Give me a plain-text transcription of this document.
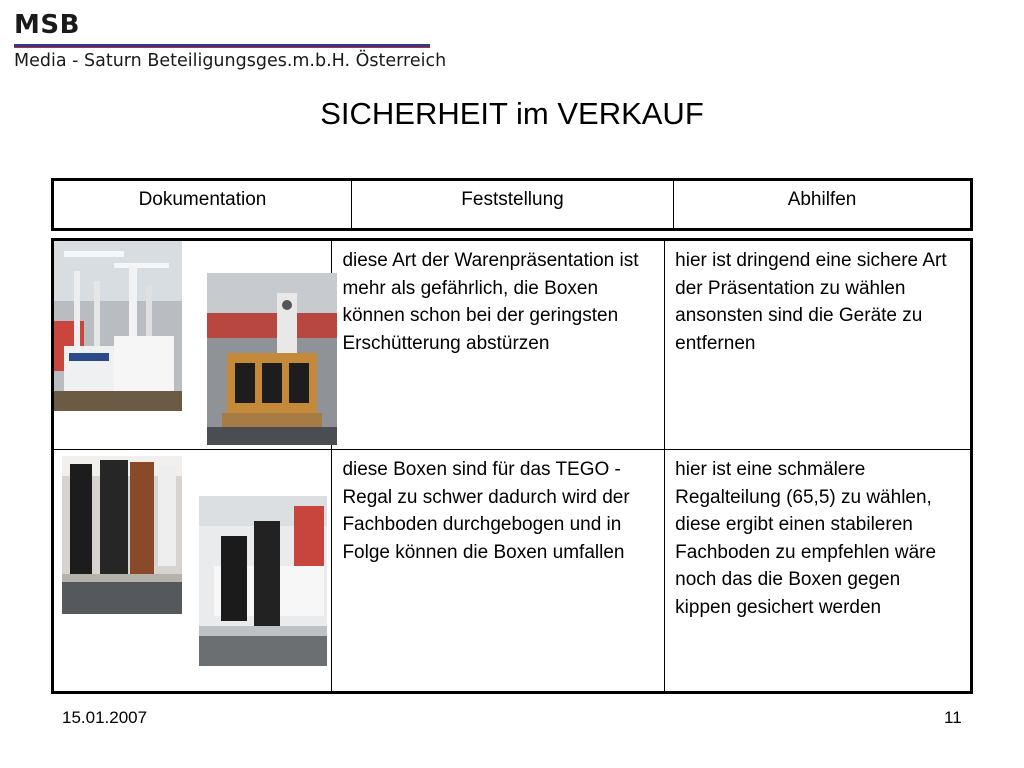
MSB
Media - Saturn Beteiligungsges.m.b.H. Österreich
SICHERHEIT im VERKAUF
Dokumentation	Feststellung	Abhilfen
	diese Art der Warenpräsentation ist mehr als gefährlich, die Boxen können schon bei der geringsten Erschütterung abstürzen	hier ist dringend eine sichere Art der Präsentation zu wählen ansonsten sind die Geräte zu entfernen

	diese Boxen sind für das TEGO - Regal zu schwer dadurch wird der Fachboden durchgebogen und in Folge können die Boxen umfallen	hier ist eine schmälere Regalteilung (65,5) zu wählen, diese ergibt einen stabileren Fachboden zu empfehlen wäre noch das die Boxen gegen kippen gesichert werden
15.01.2007	11
